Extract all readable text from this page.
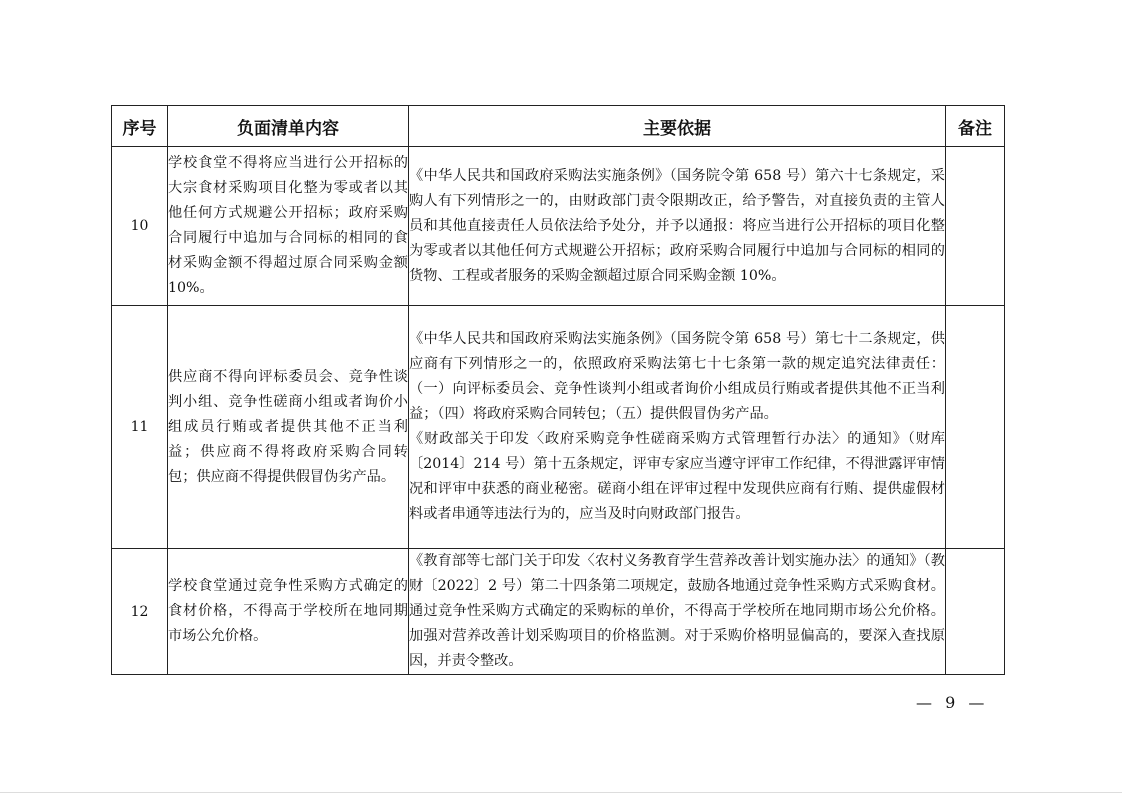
序号	负面清单内容	主要依据	备注
10	学校食堂不得将应当进行公开招标的大宗食材采购项目化整为零或者以其他任何方式规避公开招标；政府采购合同履行中追加与合同标的相同的食材采购金额不得超过原合同采购金额 10%。	《中华人民共和国政府采购法实施条例》（国务院令第 658 号）第六十七条规定，采购人有下列情形之一的，由财政部门责令限期改正，给予警告，对直接负责的主管人员和其他直接责任人员依法给予处分，并予以通报：将应当进行公开招标的项目化整为零或者以其他任何方式规避公开招标；政府采购合同履行中追加与合同标的相同的货物、工程或者服务的采购金额超过原合同采购金额 10%。	

11	供应商不得向评标委员会、竞争性谈判小组、竞争性磋商小组或者询价小组成员行贿或者提供其他不正当利益；供应商不得将政府采购合同转包；供应商不得提供假冒伪劣产品。	《中华人民共和国政府采购法实施条例》（国务院令第 658 号）第七十二条规定，供应商有下列情形之一的，依照政府采购法第七十七条第一款的规定追究法律责任：（一）向评标委员会、竞争性谈判小组或者询价小组成员行贿或者提供其他不正当利益；（四）将政府采购合同转包；（五）提供假冒伪劣产品。

《财政部关于印发〈政府采购竞争性磋商采购方式管理暂行办法〉的通知》（财库〔2014〕214 号）第十五条规定，评审专家应当遵守评审工作纪律，不得泄露评审情况和评审中获悉的商业秘密。磋商小组在评审过程中发现供应商有行贿、提供虚假材料或者串通等违法行为的，应当及时向财政部门报告。	

12	学校食堂通过竞争性采购方式确定的食材价格，不得高于学校所在地同期市场公允价格。	《教育部等七部门关于印发〈农村义务教育学生营养改善计划实施办法〉的通知》（教财〔2022〕2 号）第二十四条第二项规定，鼓励各地通过竞争性采购方式采购食材。通过竞争性采购方式确定的采购标的单价，不得高于学校所在地同期市场公允价格。加强对营养改善计划采购项目的价格监测。对于采购价格明显偏高的，要深入查找原因，并责令整改。	

— 9 —
